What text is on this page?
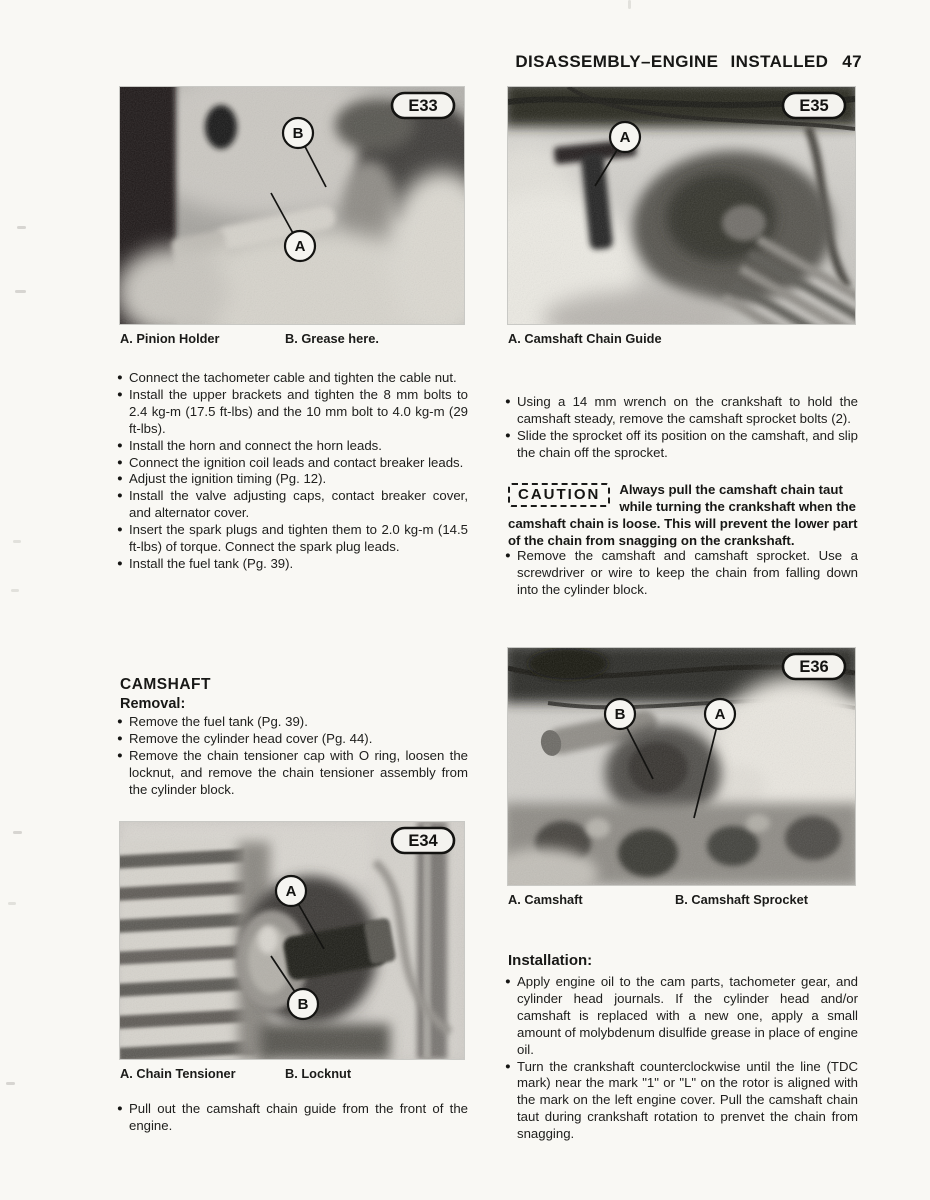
DISASSEMBLY–ENGINE INSTALLED 47
B
A
E33
A. Pinion Holder	B. Grease here.
● Connect the tachometer cable and tighten the cable nut.
● Install the upper brackets and tighten the 8 mm bolts to 2.4 kg-m (17.5 ft-lbs) and the 10 mm bolt to 4.0 kg-m (29 ft-lbs).
● Install the horn and connect the horn leads.
● Connect the ignition coil leads and contact breaker leads.
● Adjust the ignition timing (Pg. 12).
● Install the valve adjusting caps, contact breaker cover, and alternator cover.
● Insert the spark plugs and tighten them to 2.0 kg-m (14.5 ft-lbs) of torque. Connect the spark plug leads.
● Install the fuel tank (Pg. 39).
CAMSHAFT
Removal:
● Remove the fuel tank (Pg. 39).
● Remove the cylinder head cover (Pg. 44).
● Remove the chain tensioner cap with O ring, loosen the locknut, and remove the chain tensioner assembly from the cylinder block.
A
B
E34
A. Chain Tensioner	B. Locknut
● Pull out the camshaft chain guide from the front of the engine.
A
E35
A. Camshaft Chain Guide
● Using a 14 mm wrench on the crankshaft to hold the camshaft steady, remove the camshaft sprocket bolts (2).
● Slide the sprocket off its position on the camshaft, and slip the chain off the sprocket.
CAUTION	Always pull the camshaft chain taut while turning the crankshaft when the camshaft chain is loose. This will prevent the lower part of the chain from snagging on the crankshaft.
● Remove the camshaft and camshaft sprocket. Use a screwdriver or wire to keep the chain from falling down into the cylinder block.
B	A
E36
A. Camshaft	B. Camshaft Sprocket
Installation:
● Apply engine oil to the cam parts, tachometer gear, and cylinder head journals. If the cylinder head and/or camshaft is replaced with a new one, apply a small amount of molybdenum disulfide grease in place of engine oil.
● Turn the crankshaft counterclockwise until the line (TDC mark) near the mark "1" or "L" on the rotor is aligned with the mark on the left engine cover. Pull the camshaft chain taut during crankshaft rotation to prenvet the chain from snagging.
